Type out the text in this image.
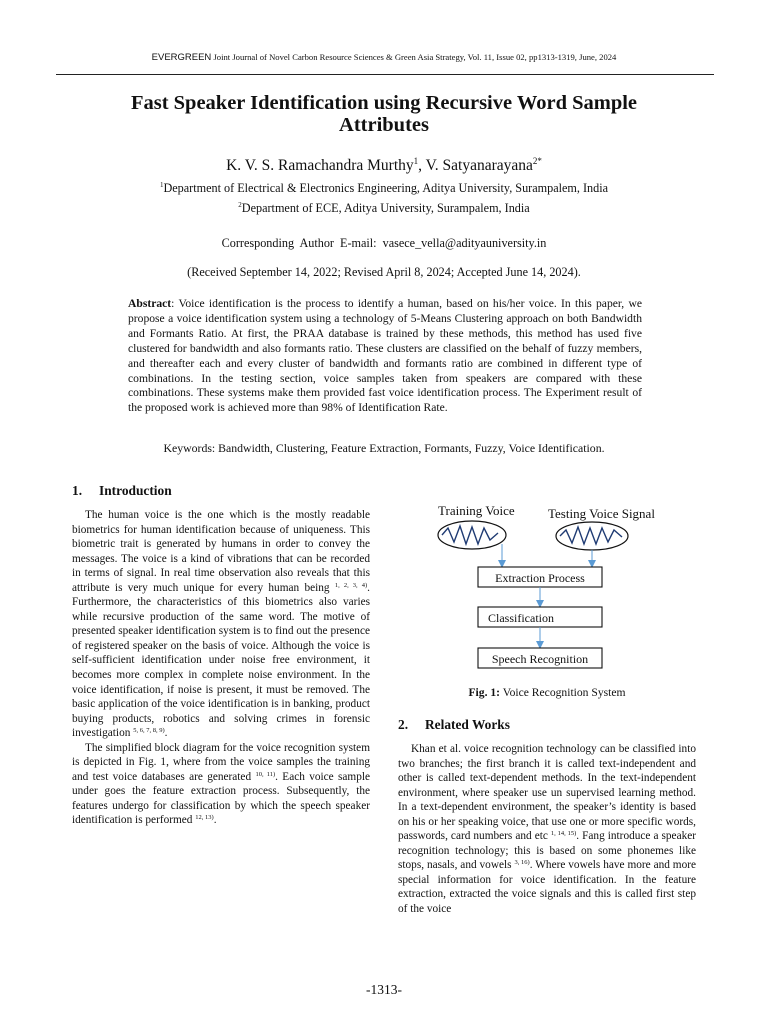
EVERGREEN Joint Journal of Novel Carbon Resource Sciences & Green Asia Strategy, Vol. 11, Issue 02, pp1313-1319, June, 2024
Fast Speaker Identification using Recursive Word Sample
Attributes
K. V. S. Ramachandra Murthy$^1$, V. Satyanarayana$^{2*}$
$^1$Department of Electrical & Electronics Engineering, Aditya University, Surampalem, India
$^2$Department of ECE, Aditya University, Surampalem, India
Corresponding Author E-mail: vasece_vella@adityauniversity.in
(Received September 14, 2022; Revised April 8, 2024; Accepted June 14, 2024).
Abstract: Voice identification is the process to identify a human, based on his/her voice. In this paper, we propose a voice identification system using a technology of 5-Means Clustering approach on both Bandwidth and Formants Ratio. At first, the PRAA database is trained by these methods, this method has used five clustered for bandwidth and also formants ratio. These clusters are classified on the behalf of fuzzy members, and thereafter each and every cluster of bandwidth and formants ratio are combined in different type of combinations. In the testing section, voice samples taken from speakers are compared with these combinations. These systems make them provided fast voice identification process. The Experiment result of the proposed work is achieved more than 98% of Identification Rate.
Keywords: Bandwidth, Clustering, Feature Extraction, Formants, Fuzzy, Voice Identification.
1. Introduction

The human voice is the one which is the mostly readable biometrics for human identification because of uniqueness. This biometric trait is generated by humans in order to convey the messages. The voice is a kind of vibrations that can be recorded in terms of signal. In real time observation also reveals that this attribute is very much unique for every human being $^{1, 2, 3, 4)}$. Furthermore, the characteristics of this biometrics also varies while recursive production of the same word. The motive of presented speaker identification system is to find out the presence of registered speaker on the basis of voice. Although the voice is self-sufficient identification under noise free environment, it becomes more complex in complete noise environment. In the voice identification, if noise is present, it must be removed. The basic application of the voice identification is in banking, product buying products, robotics and solving crimes in forensic investigation $^{5, 6, 7, 8, 9)}$.

The simplified block diagram for the voice recognition system is depicted in Fig. 1, where from the voice samples the training and test voice databases are generated $^{10, 11)}$. Each voice sample under goes the feature extraction process. Subsequently, the features undergo for classification by which the speech speaker identification is performed $^{12, 13)}$.

Training Voice	Testing Voice Signal
Extraction Process
Classification
Speech Recognition
Fig. 1: Voice Recognition System
2. Related Works

Khan et al. voice recognition technology can be classified into two branches; the first branch it is called text-independent and other is called text-dependent methods. In the text-independent environment, where speaker use un supervised learning method. In a text-dependent environment, the speaker’s identity is based on his or her speaking voice, that use one or more specific words, passwords, card numbers and etc $^{1, 14, 15)}$. Fang introduce a speaker recognition technology; this is based on some phonemes like stops, nasals, and vowels $^{3, 16)}$. Where vowels have more and more special information for voice identification. In the feature extraction, extracted the voice signals and this is called first step of the voice

-1313-
